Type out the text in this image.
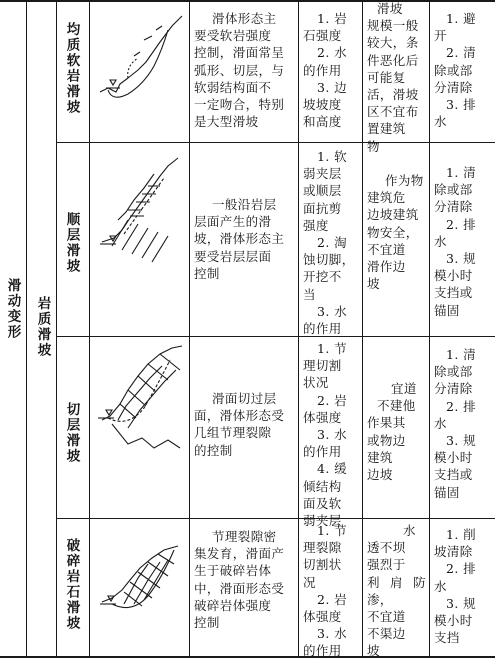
滑动变形 岩质滑坡
均质软岩滑坡
顺层滑坡
切层滑坡
破碎岩石滑坡
滑体形态主
要受软岩强度
控制，滑面常呈
弧形、切层，与
软弱结构面不
一定吻合，特别
是大型滑坡
一般沿岩层
层面产生的滑
坡，滑体形态主
要受岩层层面
控制
滑面切过层
面，滑体形态受
几组节理裂隙
的控制
节理裂隙密
集发育，滑面产
生于破碎岩体
中，滑面形态受
破碎岩体强度
控制
1. 岩
石强度
2. 水
的作用
3. 边
坡坡度
和高度
1. 软
弱夹层
或顺层
面抗剪
强度
2. 淘
蚀切脚，
开挖不
当
3. 水
的作用
1. 节
理切割
状况
2. 岩
体强度
3. 水
的作用
4. 缓
倾结构
面及软
弱夹层
1. 节
理裂隙
切割状
况
2. 岩
体强度
3. 水
的作用
滑坡
规模一般
较大，条
件恶化后
可能复
活，滑坡
区不宜布
置建筑
物
作为物
建筑危
边坡建筑
物安全，
不宜道
滑作边
坡
宜道
不建他
作果其
或物边
建筑
边坡
水
透不坝
强烈于
利肩防渗，
不宜道
不渠边
坡
1. 避
开
2. 清
除或部
分清除
3. 排
水
1. 清
除或部
分清除
2. 排
水
3. 规
模小时
支挡或
锚固
1. 清
除或部
分清除
2. 排
水
3. 规
模小时
支挡或
锚固
1. 削
坡清除
2. 排
水
3. 规
模小时
支挡
